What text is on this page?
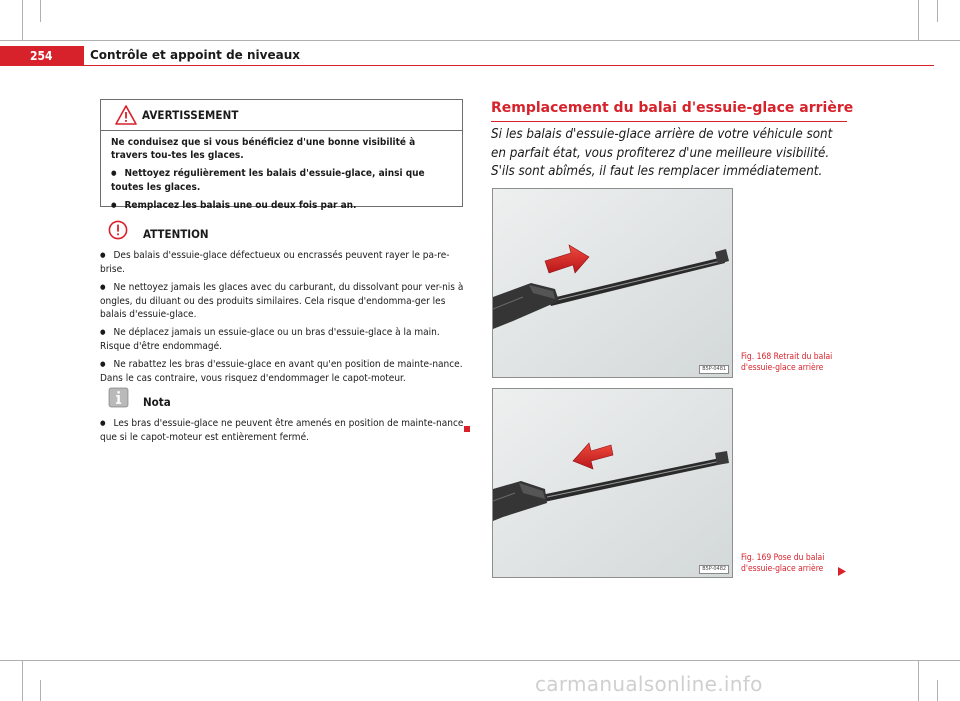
254	Contrôle et appoint de niveaux
AVERTISSEMENT

Ne conduisez que si vous bénéficiez d'une bonne visibilité à travers tou-tes les glaces.

● Nettoyez régulièrement les balais d'essuie-glace, ainsi que toutes les glaces.

● Remplacez les balais une ou deux fois par an.

ATTENTION

● Des balais d'essuie-glace défectueux ou encrassés peuvent rayer le pa-re-brise.

● Ne nettoyez jamais les glaces avec du carburant, du dissolvant pour ver-nis à ongles, du diluant ou des produits similaires. Cela risque d'endomma-ger les balais d'essuie-glace.

● Ne déplacez jamais un essuie-glace ou un bras d'essuie-glace à la main. Risque d'être endommagé.

● Ne rabattez les bras d'essuie-glace en avant qu'en position de mainte-nance. Dans le cas contraire, vous risquez d'endommager le capot-moteur.

Nota

● Les bras d'essuie-glace ne peuvent être amenés en position de mainte-nance que si le capot-moteur est entièrement fermé.

Remplacement du balai d'essuie-glace arrière
Si les balais d'essuie-glace arrière de votre véhicule sont en parfait état, vous profiterez d'une meilleure visibilité. S'ils sont abîmés, il faut les remplacer immédiatement.
B5P-0481
Fig. 168 Retrait du balai d'essuie-glace arrière
B5P-0482
Fig. 169 Pose du balai d'essuie-glace arrière
carmanualsonline.info
